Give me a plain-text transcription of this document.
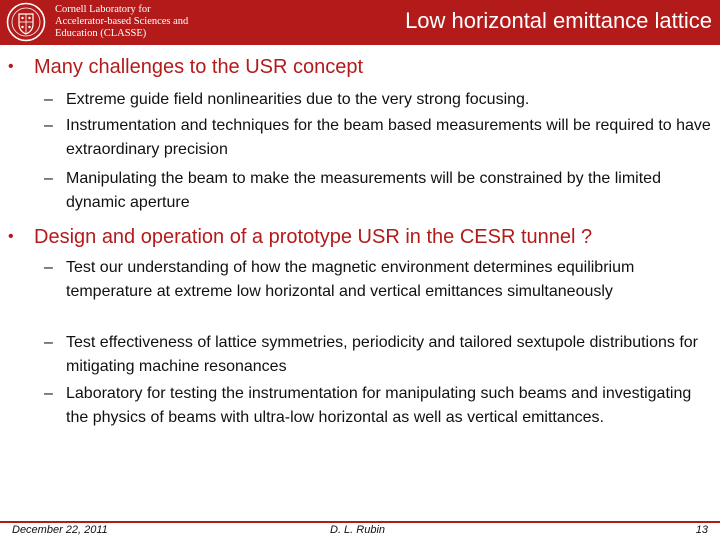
Cornell Laboratory for
Accelerator-based Sciences and
Education (CLASSE)
Low horizontal emittance lattice
• Many challenges to the USR concept
– Extreme guide field nonlinearities due to the very strong focusing.
– Instrumentation and techniques for the beam based measurements will be required to have extraordinary precision
– Manipulating the beam to make the measurements will be constrained by the limited dynamic aperture
• Design and operation of a prototype USR in the CESR tunnel ?
– Test our understanding of how the magnetic environment determines equilibrium temperature at extreme low horizontal and vertical emittances simultaneously
– Test effectiveness of lattice symmetries, periodicity and tailored sextupole distributions for mitigating machine resonances
– Laboratory for testing the instrumentation for manipulating such beams and investigating the physics of beams with ultra-low horizontal as well as vertical emittances.
December 22, 2011	D. L. Rubin	13
